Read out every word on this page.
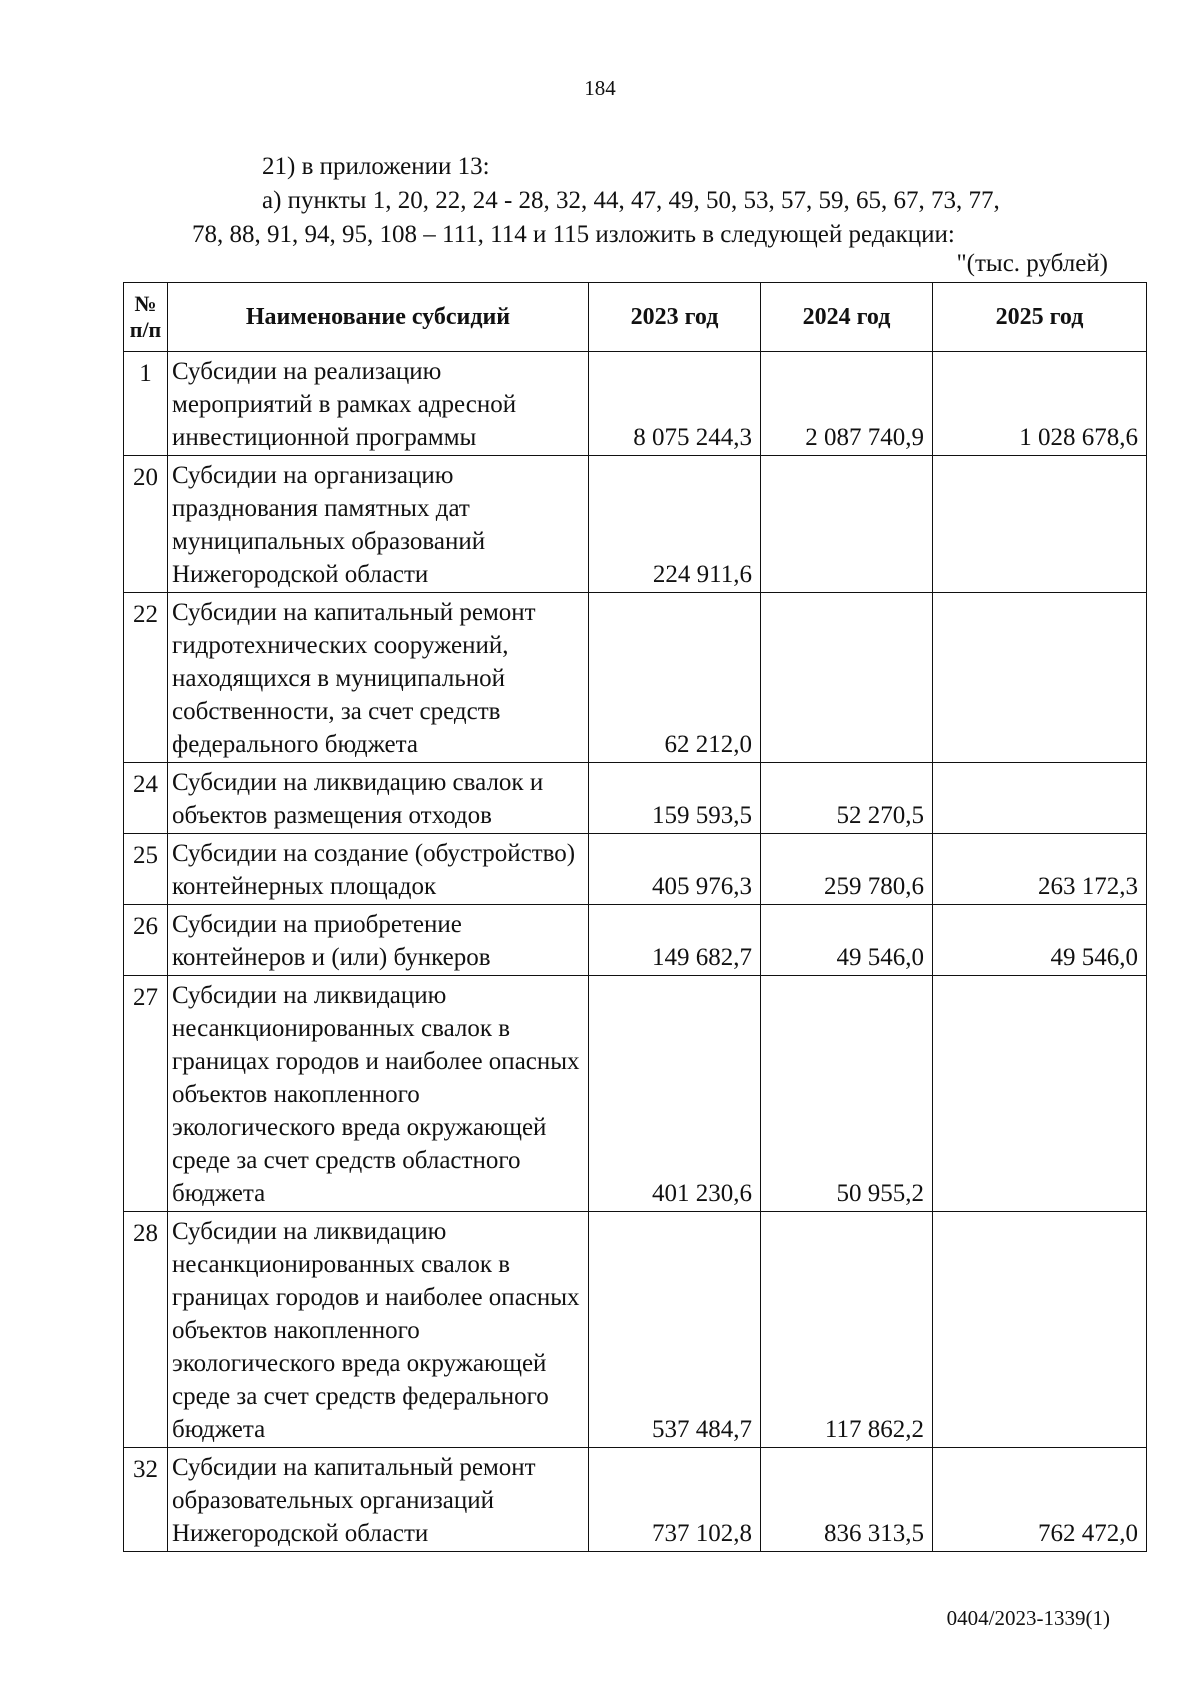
184
21) в приложении 13:
а) пункты 1, 20, 22, 24 - 28, 32, 44, 47, 49, 50, 53, 57, 59, 65, 67, 73, 77,
78, 88, 91, 94, 95, 108 – 111, 114 и 115 изложить в следующей редакции:
"(тыс. рублей)
№ п/п	Наименование субсидий	2023 год	2024 год	2025 год
1	Субсидии на реализацию мероприятий в рамках адресной инвестиционной программы	8 075 244,3	2 087 740,9	1 028 678,6
20	Субсидии на организацию празднования памятных дат муниципальных образований Нижегородской области	224 911,6		
22	Субсидии на капитальный ремонт гидротехнических сооружений, находящихся в муниципальной собственности, за счет средств федерального бюджета	62 212,0		
24	Субсидии на ликвидацию свалок и объектов размещения отходов	159 593,5	52 270,5	
25	Субсидии на создание (обустройство) контейнерных площадок	405 976,3	259 780,6	263 172,3
26	Субсидии на приобретение контейнеров и (или) бункеров	149 682,7	49 546,0	49 546,0
27	Субсидии на ликвидацию несанкционированных свалок в границах городов и наиболее опасных объектов накопленного экологического вреда окружающей среде за счет средств областного бюджета	401 230,6	50 955,2	
28	Субсидии на ликвидацию несанкционированных свалок в границах городов и наиболее опасных объектов накопленного экологического вреда окружающей среде за счет средств федерального бюджета	537 484,7	117 862,2	
32	Субсидии на капитальный ремонт образовательных организаций Нижегородской области	737 102,8	836 313,5	762 472,0
0404/2023-1339(1)
